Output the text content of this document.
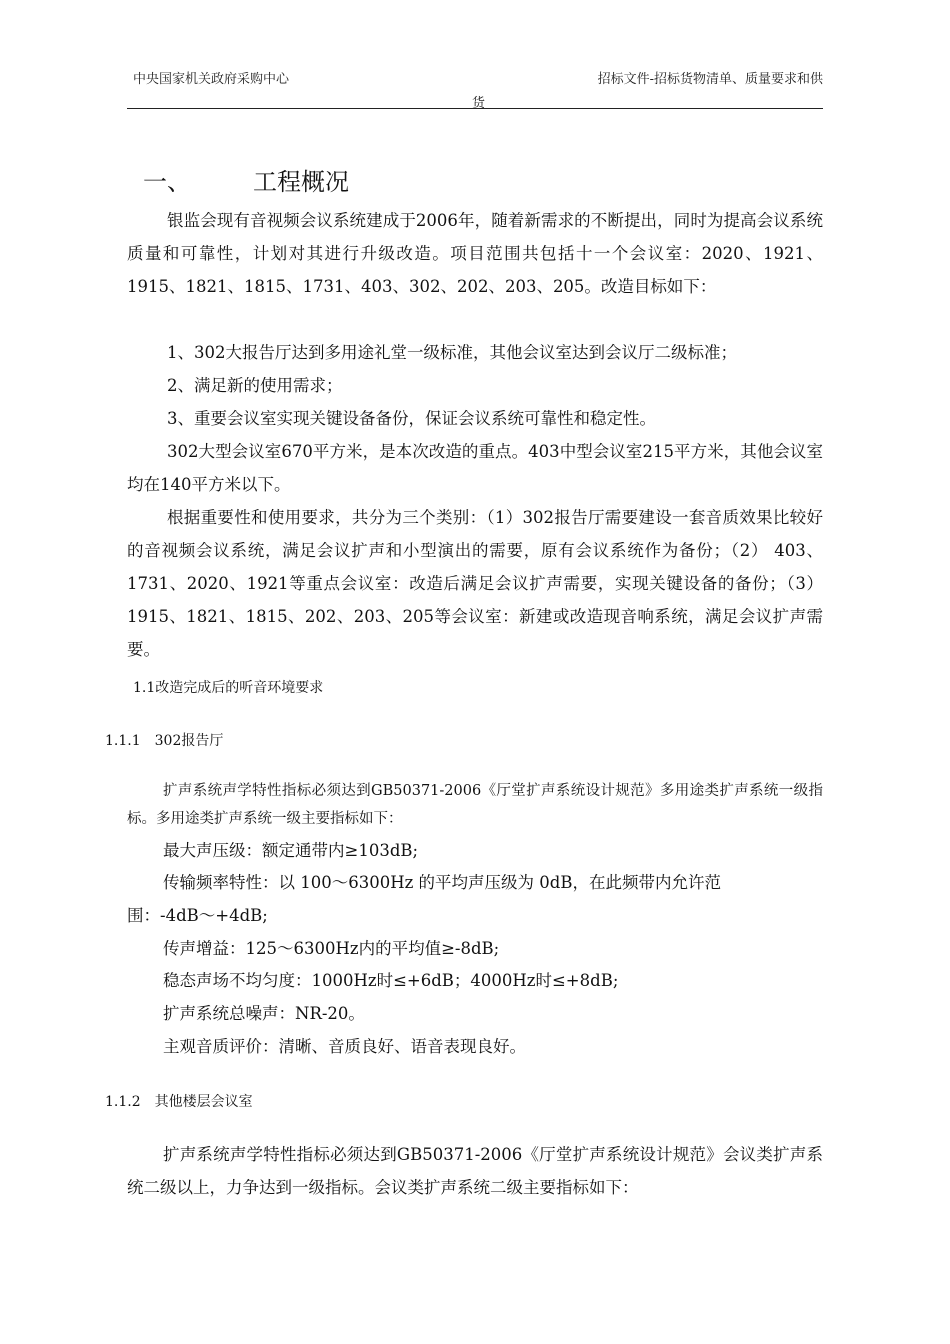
中央国家机关政府采购中心	招标文件-招标货物清单、质量要求和供
货
一、	工程概况

银监会现有音视频会议系统建成于2006年，随着新需求的不断提出，同时为提高会议系统质量和可靠性，计划对其进行升级改造。项目范围共包括十一个会议室：2020、1921、1915、1821、1815、1731、403、302、202、203、205。改造目标如下：

1、302大报告厅达到多用途礼堂一级标准，其他会议室达到会议厅二级标准；

2、满足新的使用需求；

3、重要会议室实现关键设备备份，保证会议系统可靠性和稳定性。

302大型会议室670平方米，是本次改造的重点。403中型会议室215平方米，其他会议室均在140平方米以下。

根据重要性和使用要求，共分为三个类别：（1）302报告厅需要建设一套音质效果比较好的音视频会议系统，满足会议扩声和小型演出的需要，原有会议系统作为备份；（2） 403、1731、2020、1921等重点会议室：改造后满足会议扩声需要，实现关键设备的备份；（3）1915、1821、1815、202、203、205等会议室：新建或改造现音响系统，满足会议扩声需要。

1.1改造完成后的听音环境要求

1.1.1 302报告厅

扩声系统声学特性指标必须达到GB50371-2006《厅堂扩声系统设计规范》多用途类扩声系统一级指标。多用途类扩声系统一级主要指标如下：

最大声压级：额定通带内≥103dB;

传输频率特性：以 100～6300Hz 的平均声压级为 0dB，在此频带内允许范

围：-4dB～+4dB;

传声增益：125～6300Hz内的平均值≥-8dB;

稳态声场不均匀度：1000Hz时≤+6dB；4000Hz时≤+8dB;

扩声系统总噪声：NR-20。

主观音质评价：清晰、音质良好、语音表现良好。

1.1.2 其他楼层会议室

扩声系统声学特性指标必须达到GB50371-2006《厅堂扩声系统设计规范》会议类扩声系统二级以上，力争达到一级指标。会议类扩声系统二级主要指标如下：
